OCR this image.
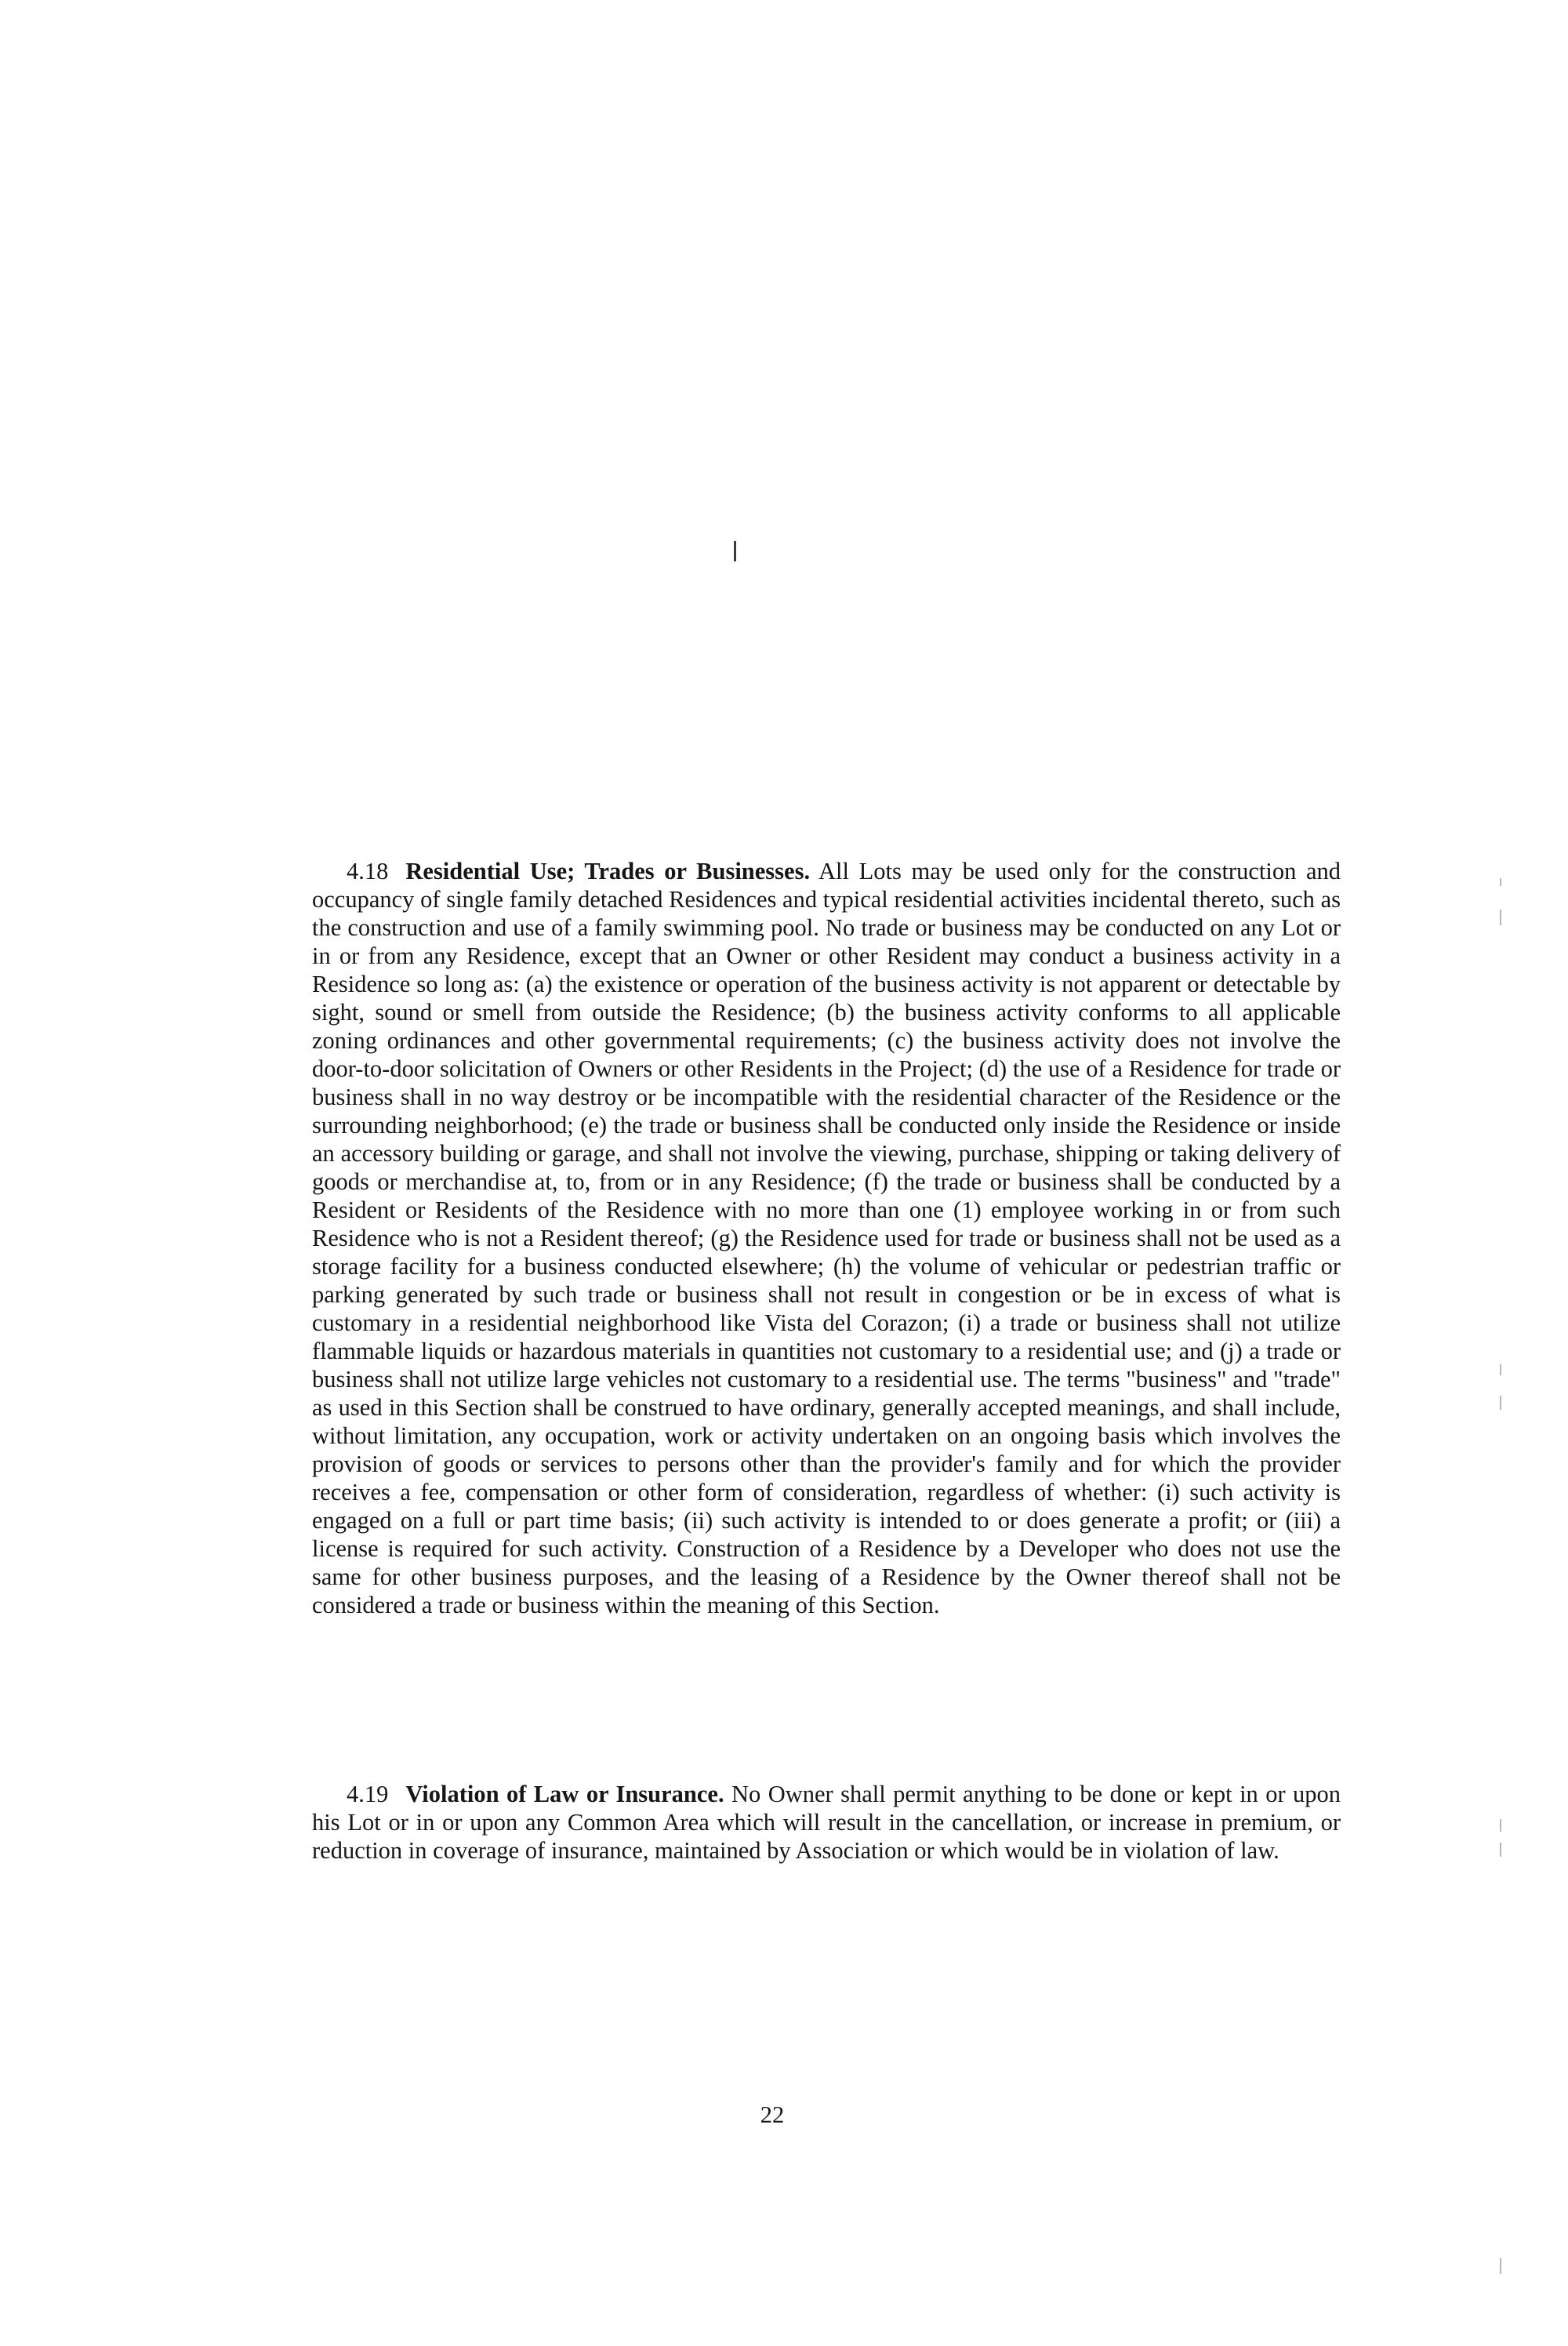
4.18 Residential Use; Trades or Businesses. All Lots may be used only for the construction and occupancy of single family detached Residences and typical residential activities incidental thereto, such as the construction and use of a family swimming pool. No trade or business may be conducted on any Lot or in or from any Residence, except that an Owner or other Resident may conduct a business activity in a Residence so long as: (a) the existence or operation of the business activity is not apparent or detectable by sight, sound or smell from outside the Residence; (b) the business activity conforms to all applicable zoning ordinances and other governmental requirements; (c) the business activity does not involve the door-to-door solicitation of Owners or other Residents in the Project; (d) the use of a Residence for trade or business shall in no way destroy or be incompatible with the residential character of the Residence or the surrounding neighborhood; (e) the trade or business shall be conducted only inside the Residence or inside an accessory building or garage, and shall not involve the viewing, purchase, shipping or taking delivery of goods or merchandise at, to, from or in any Residence; (f) the trade or business shall be conducted by a Resident or Residents of the Residence with no more than one (1) employee working in or from such Residence who is not a Resident thereof; (g) the Residence used for trade or business shall not be used as a storage facility for a business conducted elsewhere; (h) the volume of vehicular or pedestrian traffic or parking generated by such trade or business shall not result in congestion or be in excess of what is customary in a residential neighborhood like Vista del Corazon; (i) a trade or business shall not utilize flammable liquids or hazardous materials in quantities not customary to a residential use; and (j) a trade or business shall not utilize large vehicles not customary to a residential use. The terms "business" and "trade" as used in this Section shall be construed to have ordinary, generally accepted meanings, and shall include, without limitation, any occupation, work or activity undertaken on an ongoing basis which involves the provision of goods or services to persons other than the provider's family and for which the provider receives a fee, compensation or other form of consideration, regardless of whether: (i) such activity is engaged on a full or part time basis; (ii) such activity is intended to or does generate a profit; or (iii) a license is required for such activity. Construction of a Residence by a Developer who does not use the same for other business purposes, and the leasing of a Residence by the Owner thereof shall not be considered a trade or business within the meaning of this Section.

4.19 Violation of Law or Insurance. No Owner shall permit anything to be done or kept in or upon his Lot or in or upon any Common Area which will result in the cancellation, or increase in premium, or reduction in coverage of insurance, maintained by Association or which would be in violation of law.

22
